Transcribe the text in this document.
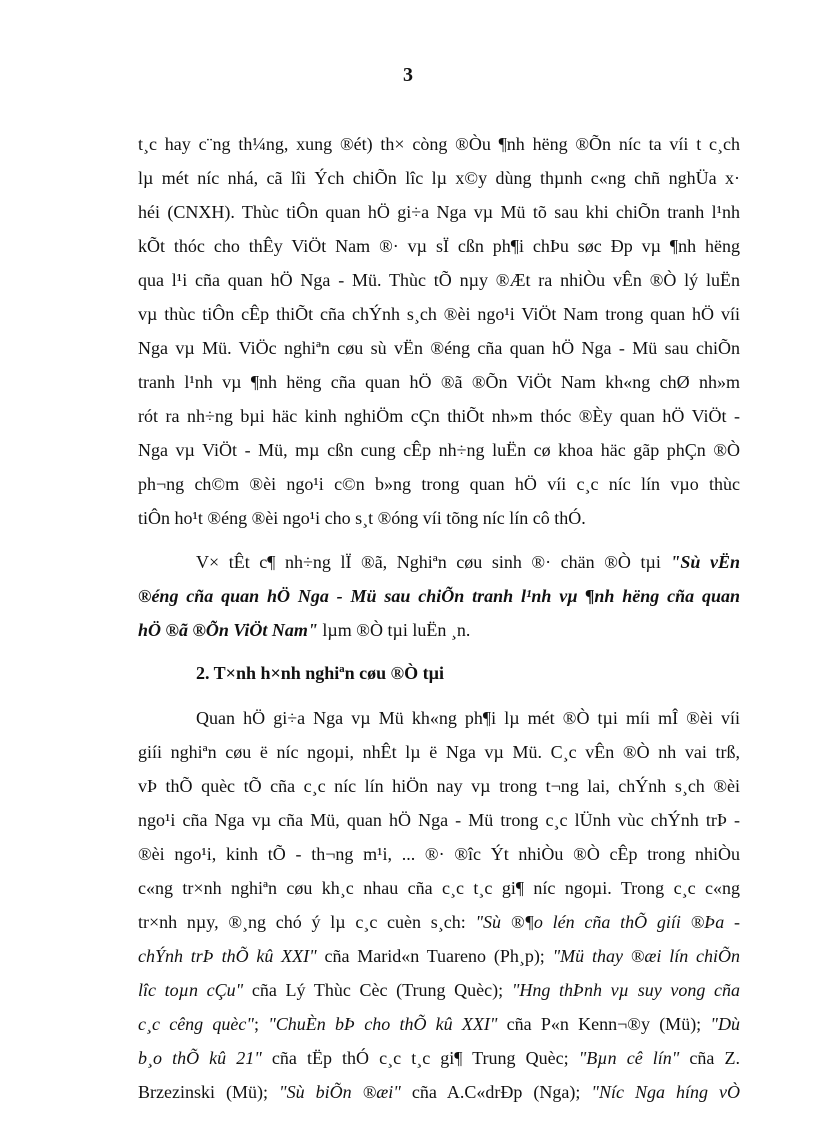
3
t¸c hay c¨ng th¼ng, xung ®ét) th× còng ®Òu ¶nh hëng ®Õn níc ta víi t c¸ch
lµ mét níc nhá, cã lîi Ých chiÕn lîc lµ x©y dùng thµnh c«ng chñ nghÜa x·
héi (CNXH). Thùc tiÔn quan hÖ gi÷a Nga vµ Mü tõ sau khi chiÕn tranh l¹nh
kÕt thóc cho thÊy ViÖt Nam ®· vµ sÏ cßn ph¶i chÞu søc Ðp vµ ¶nh hëng
qua l¹i cña quan hÖ Nga - Mü. Thùc tÕ nµy ®Æt ra nhiÒu vÊn ®Ò lý luËn
vµ thùc tiÔn cÊp thiÕt cña chÝnh s¸ch ®èi ngo¹i ViÖt Nam trong quan hÖ víi
Nga vµ Mü. ViÖc nghiªn cøu sù vËn ®éng cña quan hÖ Nga - Mü sau chiÕn
tranh l¹nh vµ ¶nh hëng cña quan hÖ ®ã ®Õn ViÖt Nam kh«ng chØ nh»m
rót ra nh÷ng bµi häc kinh nghiÖm cÇn thiÕt nh»m thóc ®Èy quan hÖ ViÖt -
Nga vµ ViÖt - Mü, mµ cßn cung cÊp nh÷ng luËn cø khoa häc gãp phÇn ®Ò
ph¬ng ch©m ®èi ngo¹i c©n b»ng trong quan hÖ víi c¸c níc lín vµo thùc
tiÔn ho¹t ®éng ®èi ngo¹i cho s¸t ®óng víi tõng níc lín cô thÓ.
V× tÊt c¶ nh÷ng lÏ ®ã, Nghiªn cøu sinh ®· chän ®Ò tµi "Sù vËn
®éng cña quan hÖ Nga - Mü sau chiÕn tranh l¹nh vµ ¶nh hëng cña quan
hÖ ®ã ®Õn ViÖt Nam" lµm ®Ò tµi luËn ¸n.
2. T×nh h×nh nghiªn cøu ®Ò tµi
Quan hÖ gi÷a Nga vµ Mü kh«ng ph¶i lµ mét ®Ò tµi míi mÎ ®èi víi
giíi nghiªn cøu ë níc ngoµi, nhÊt lµ ë Nga vµ Mü. C¸c vÊn ®Ò nh vai trß,
vÞ thÕ quèc tÕ cña c¸c níc lín hiÖn nay vµ trong t¬ng lai, chÝnh s¸ch ®èi
ngo¹i cña Nga vµ cña Mü, quan hÖ Nga - Mü trong c¸c lÜnh vùc chÝnh trÞ -
®èi ngo¹i, kinh tÕ - th¬ng m¹i, ... ®· ®îc Ýt nhiÒu ®Ò cÊp trong nhiÒu
c«ng tr×nh nghiªn cøu kh¸c nhau cña c¸c t¸c gi¶ níc ngoµi. Trong c¸c c«ng
tr×nh nµy, ®¸ng chó ý lµ c¸c cuèn s¸ch: "Sù ®¶o lén cña thÕ giíi ®Þa -
chÝnh trÞ thÕ kû XXI" cña Marid«n Tuareno (Ph¸p); "Mü thay ®æi lín chiÕn
lîc toµn cÇu" cña Lý Thùc Cèc (Trung Quèc); "Hng thÞnh vµ suy vong cña
c¸c cêng quèc"; "ChuÈn bÞ cho thÕ kû XXI" cña P«n Kenn¬®y (Mü); "Dù
b¸o thÕ kû 21" cña tËp thÓ c¸c t¸c gi¶ Trung Quèc; "Bµn cê lín" cña Z.
Brzezinski (Mü); "Sù biÕn ®æi" cña A.C«drÐp (Nga); "Níc Nga híng vÒ
